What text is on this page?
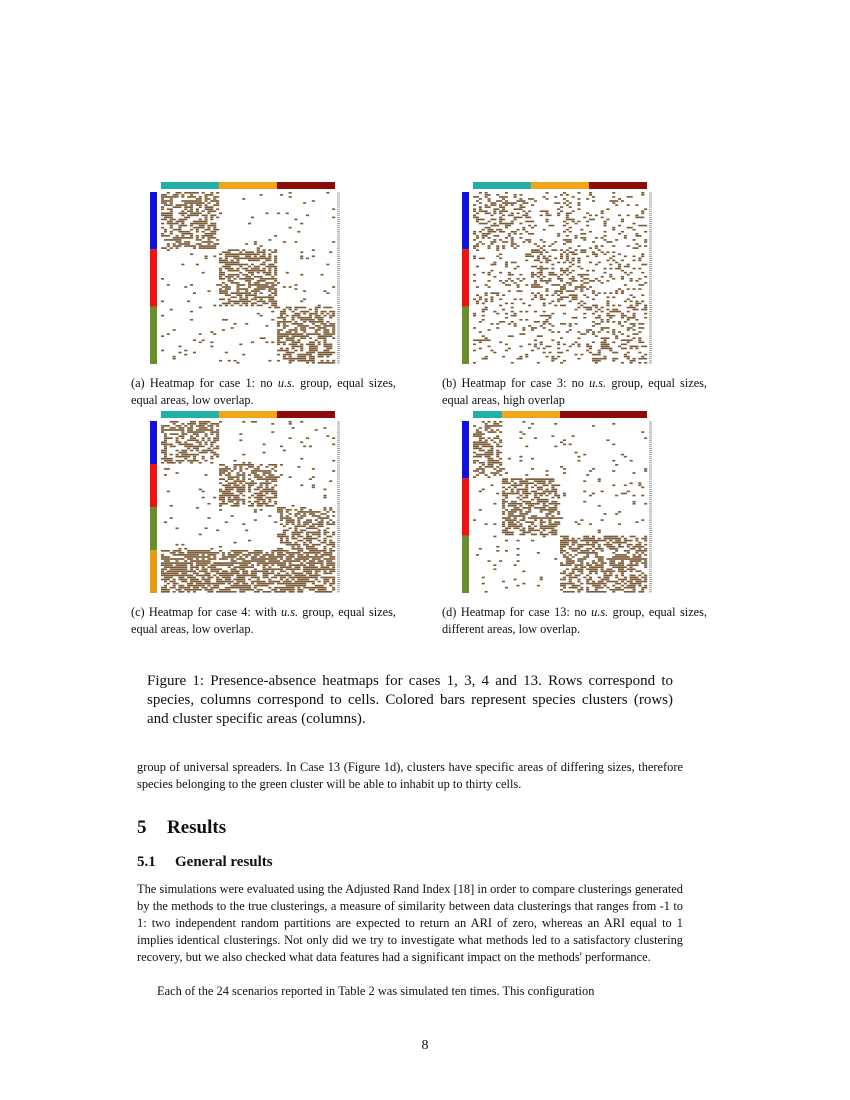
(a) Heatmap for case 1: no u.s. group, equal sizes, equal areas, low overlap.
(b) Heatmap for case 3: no u.s. group, equal sizes, equal areas, high overlap
(c) Heatmap for case 4: with u.s. group, equal sizes, equal areas, low overlap.
(d) Heatmap for case 13: no u.s. group, equal sizes, different areas, low overlap.
Figure 1: Presence-absence heatmaps for cases 1, 3, 4 and 13. Rows correspond to species, columns correspond to cells. Colored bars represent species clusters (rows) and cluster specific areas (columns).
group of universal spreaders. In Case 13 (Figure 1d), clusters have specific areas of differing sizes, therefore species belonging to the green cluster will be able to inhabit up to thirty cells.
5 Results
5.1 General results
The simulations were evaluated using the Adjusted Rand Index [18] in order to compare clusterings generated by the methods to the true clusterings, a measure of similarity between data clusterings that ranges from -1 to 1: two independent random partitions are expected to return an ARI of zero, whereas an ARI equal to 1 implies identical clusterings. Not only did we try to investigate what methods led to a satisfactory clustering recovery, but we also checked what data features had a significant impact on the methods' performance.
Each of the 24 scenarios reported in Table 2 was simulated ten times. This configuration
8
